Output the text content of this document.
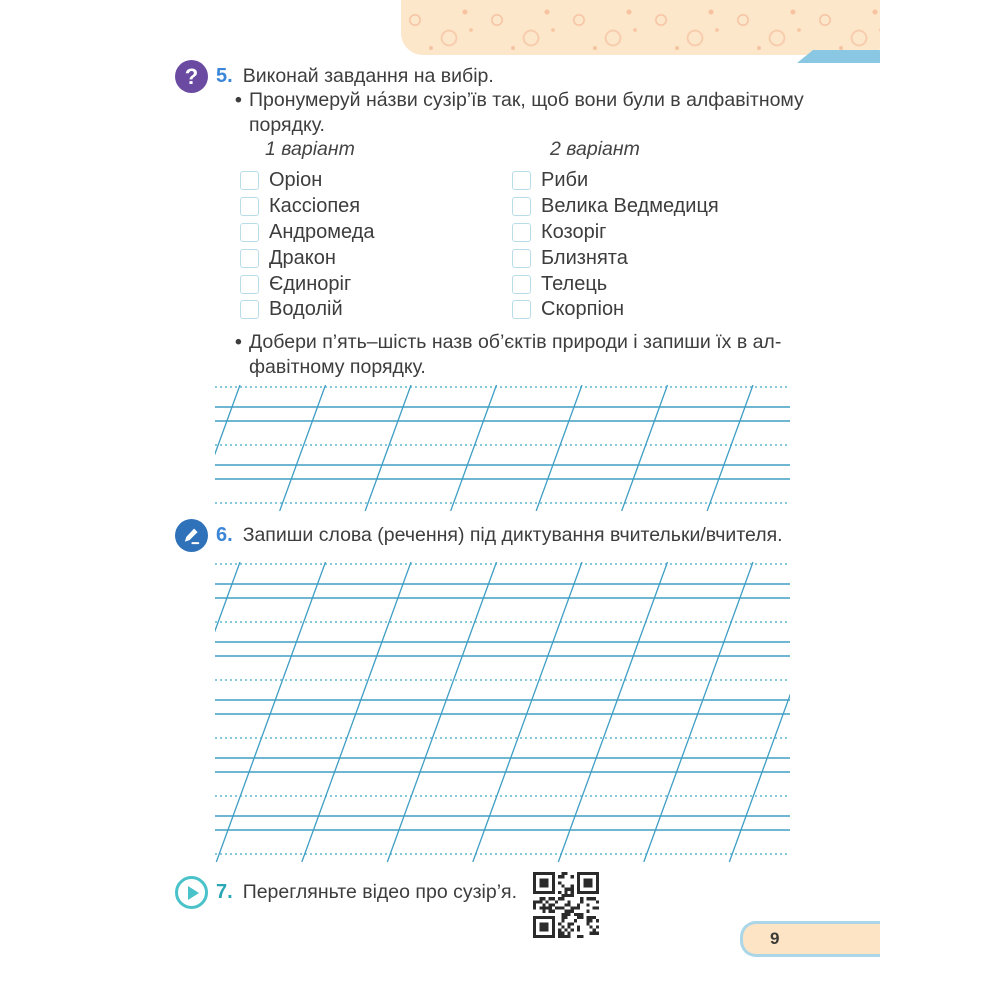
? 5. Виконай завдання на вибір.
• Пронумеруй на́зви сузір’їв так, щоб вони були в алфавітному
порядку.
1 варіант	2 варіант
Оріон
Кассіопея
Андромеда
Дракон
Єдиноріг
Водолій
Риби
Велика Ведмедиця
Козоріг
Близнята
Телець
Скорпіон
• Добери п’ять–шість назв об’єктів природи і запиши їх в ал-
фавітному порядку.
6. Запиши слова (речення) під диктування вчительки/вчителя.
7. Перегляньте відео про сузір’я.
9
